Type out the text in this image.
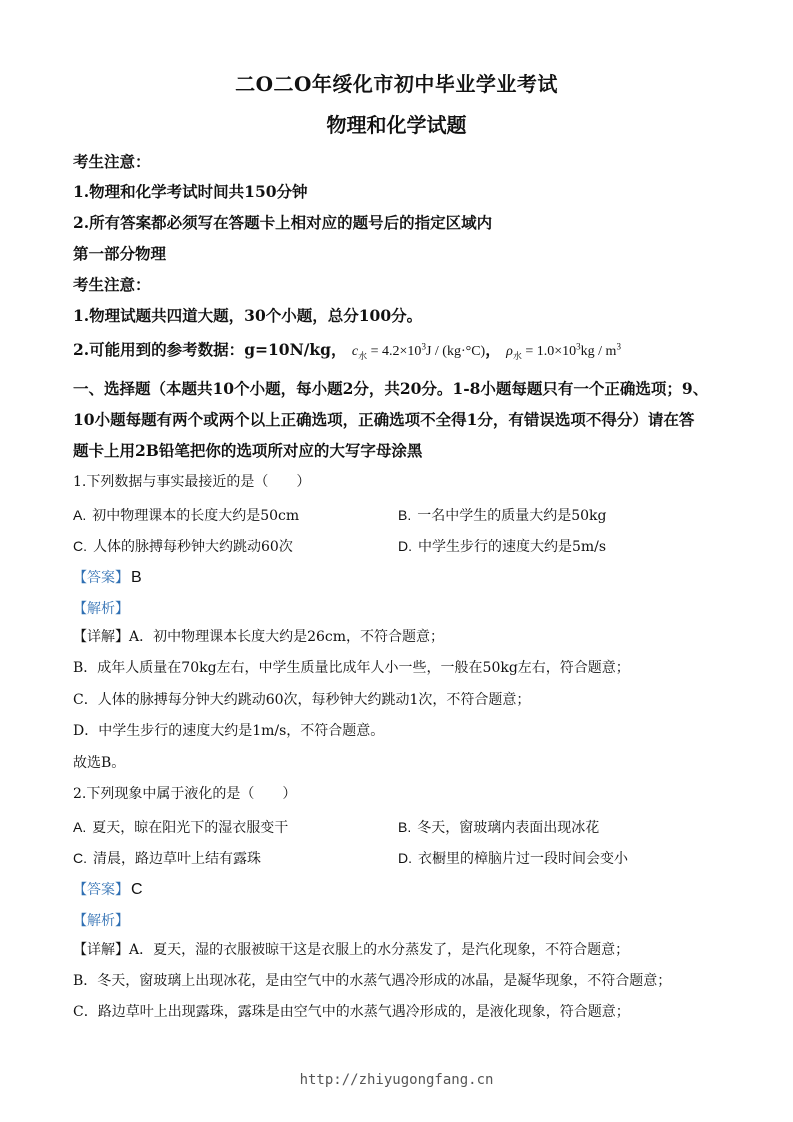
二O二O年绥化市初中毕业学业考试
物理和化学试题
考生注意：
1.物理和化学考试时间共150分钟
2.所有答案都必须写在答题卡上相对应的题号后的指定区域内
第一部分物理
考生注意：
1.物理试题共四道大题，30个小题，总分100分。
2.可能用到的参考数据：g=10N/kg， $c_水 = 4.2\times 10^3J / (kg\cdot^\circ C)$， $\rho_水 = 1.0\times 10^3kg / m^3$
一、选择题（本题共10个小题，每小题2分，共20分。1-8小题每题只有一个正确选项；9、
10小题每题有两个或两个以上正确选项，正确选项不全得1分，有错误选项不得分）请在答
题卡上用2B铅笔把你的选项所对应的大写字母涂黑
1.下列数据与事实最接近的是（　　）
A. 初中物理课本的长度大约是50cm	B. 一名中学生的质量大约是50kg
C. 人体的脉搏每秒钟大约跳动60次	D. 中学生步行的速度大约是5m/s
【答案】 B
【解析】
【详解】A．初中物理课本长度大约是26cm，不符合题意；
B．成年人质量在70kg左右，中学生质量比成年人小一些，一般在50kg左右，符合题意；
C．人体的脉搏每分钟大约跳动60次，每秒钟大约跳动1次，不符合题意；
D．中学生步行的速度大约是1m/s，不符合题意。
故选B。
2.下列现象中属于液化的是（　　）
A. 夏天，晾在阳光下的湿衣服变干	B. 冬天，窗玻璃内表面出现冰花
C. 清晨，路边草叶上结有露珠	D. 衣橱里的樟脑片过一段时间会变小
【答案】 C
【解析】
【详解】A．夏天，湿的衣服被晾干这是衣服上的水分蒸发了，是汽化现象，不符合题意；
B．冬天，窗玻璃上出现冰花，是由空气中的水蒸气遇冷形成的冰晶，是凝华现象，不符合题意；
C．路边草叶上出现露珠，露珠是由空气中的水蒸气遇冷形成的，是液化现象，符合题意；
http://zhiyugongfang.cn
